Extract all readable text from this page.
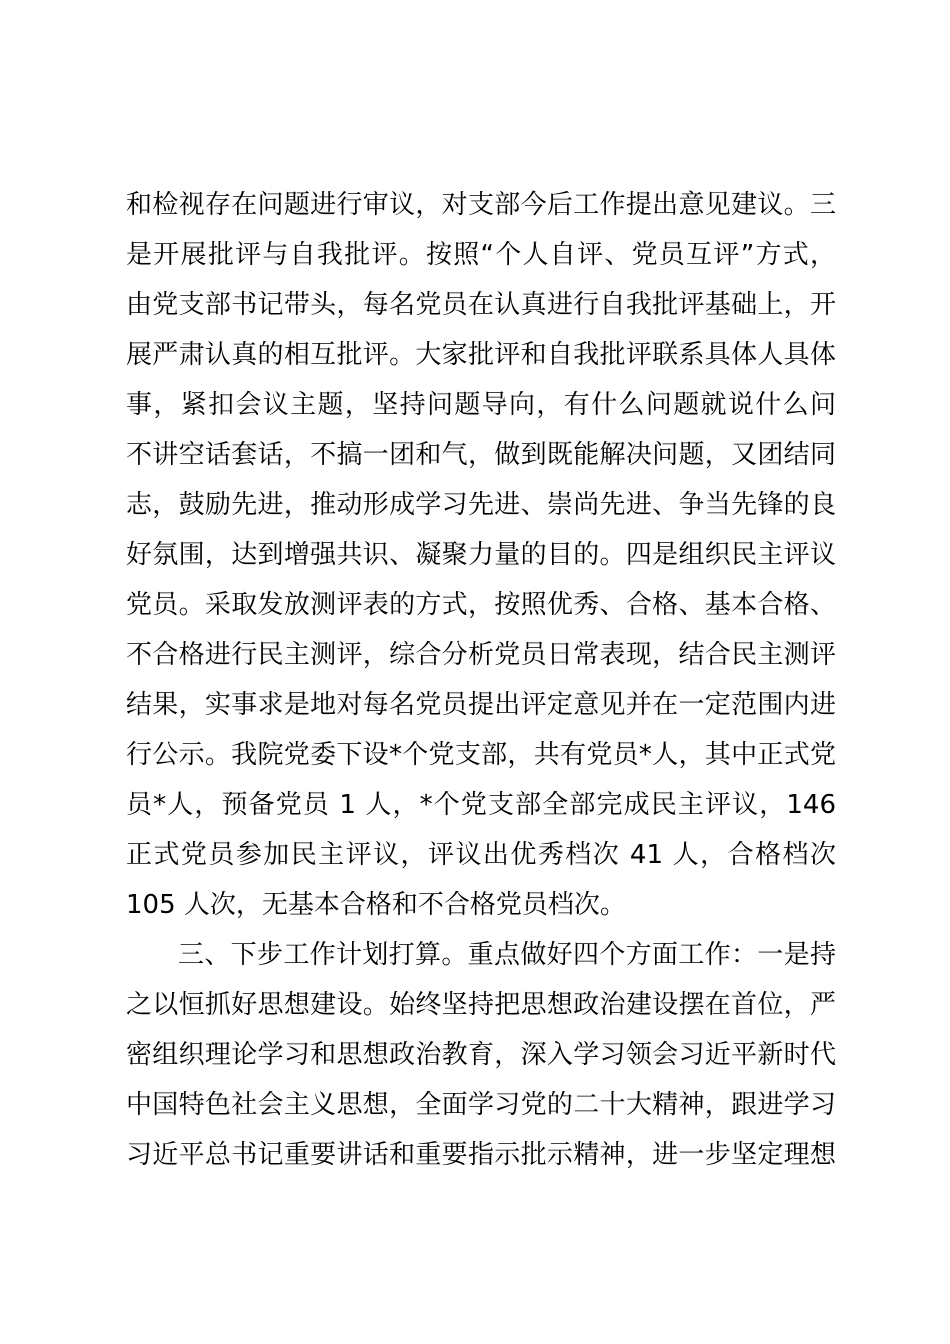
和检视存在问题进行审议，对支部今后工作提出意见建议。三
是开展批评与自我批评。按照“个人自评、党员互评”方式，
由党支部书记带头，每名党员在认真进行自我批评基础上，开
展严肃认真的相互批评。大家批评和自我批评联系具体人具体
事，紧扣会议主题，坚持问题导向，有什么问题就说什么问
不讲空话套话，不搞一团和气，做到既能解决问题，又团结同
志，鼓励先进，推动形成学习先进、崇尚先进、争当先锋的良
好氛围，达到增强共识、凝聚力量的目的。四是组织民主评议
党员。采取发放测评表的方式，按照优秀、合格、基本合格、
不合格进行民主测评，综合分析党员日常表现，结合民主测评
结果，实事求是地对每名党员提出评定意见并在一定范围内进
行公示。我院党委下设*个党支部，共有党员*人，其中正式党
员*人，预备党员 1 人，*个党支部全部完成民主评议，146
正式党员参加民主评议，评议出优秀档次 41 人，合格档次
105 人次，无基本合格和不合格党员档次。
三、下步工作计划打算。重点做好四个方面工作：一是持
之以恒抓好思想建设。始终坚持把思想政治建设摆在首位，严
密组织理论学习和思想政治教育，深入学习领会习近平新时代
中国特色社会主义思想，全面学习党的二十大精神，跟进学习
习近平总书记重要讲话和重要指示批示精神，进一步坚定理想
